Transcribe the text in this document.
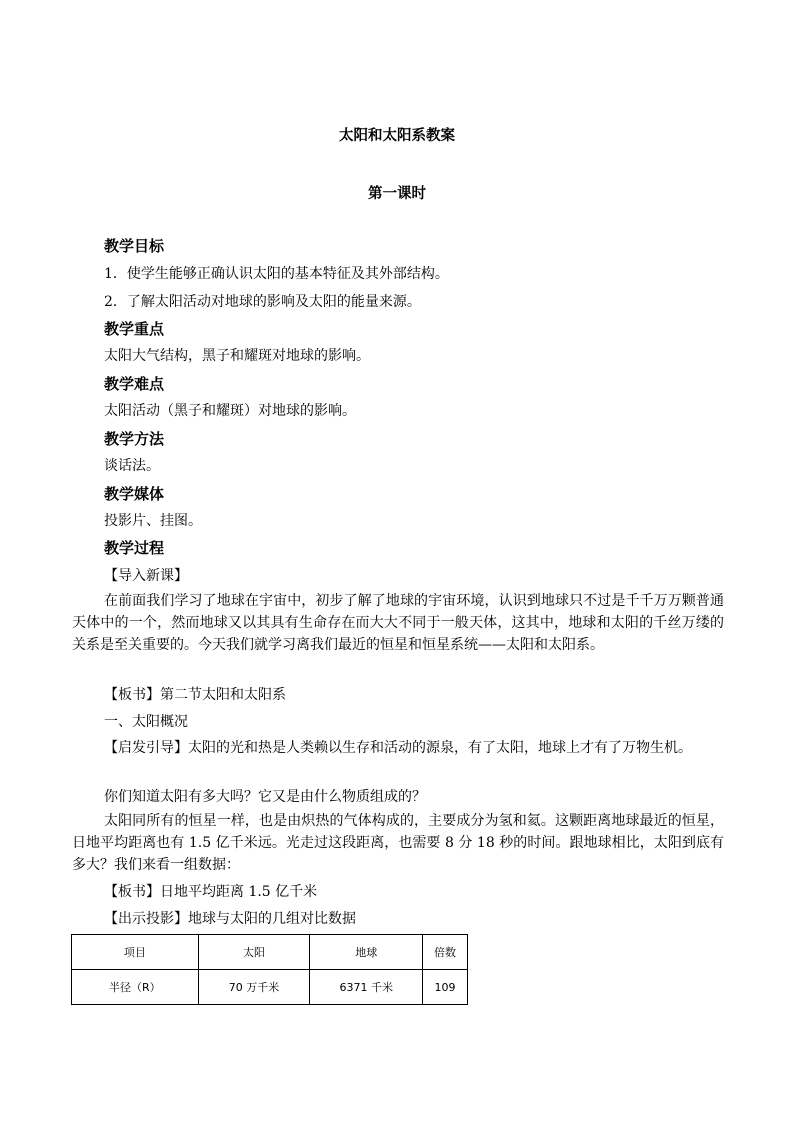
太阳和太阳系教案
第一课时
教学目标
1．使学生能够正确认识太阳的基本特征及其外部结构。
2．了解太阳活动对地球的影响及太阳的能量来源。
教学重点
太阳大气结构，黑子和耀斑对地球的影响。
教学难点
太阳活动（黑子和耀斑）对地球的影响。
教学方法
谈话法。
教学媒体
投影片、挂图。
教学过程
【导入新课】
在前面我们学习了地球在宇宙中，初步了解了地球的宇宙环境，认识到地球只不过是千千万万颗普通天体中的一个，然而地球又以其具有生命存在而大大不同于一般天体，这其中，地球和太阳的千丝万缕的关系是至关重要的。今天我们就学习离我们最近的恒星和恒星系统——太阳和太阳系。
【板书】第二节太阳和太阳系
一、太阳概况
【启发引导】太阳的光和热是人类赖以生存和活动的源泉，有了太阳，地球上才有了万物生机。
你们知道太阳有多大吗？它又是由什么物质组成的？
太阳同所有的恒星一样，也是由炽热的气体构成的，主要成分为氢和氦。这颗距离地球最近的恒星，日地平均距离也有 1.5 亿千米远。光走过这段距离，也需要 8 分 18 秒的时间。跟地球相比，太阳到底有多大？我们来看一组数据：
【板书】日地平均距离 1.5 亿千米
【出示投影】地球与太阳的几组对比数据
项目	太阳	地球	倍数
半径（R）	70 万千米	6371 千米	109
